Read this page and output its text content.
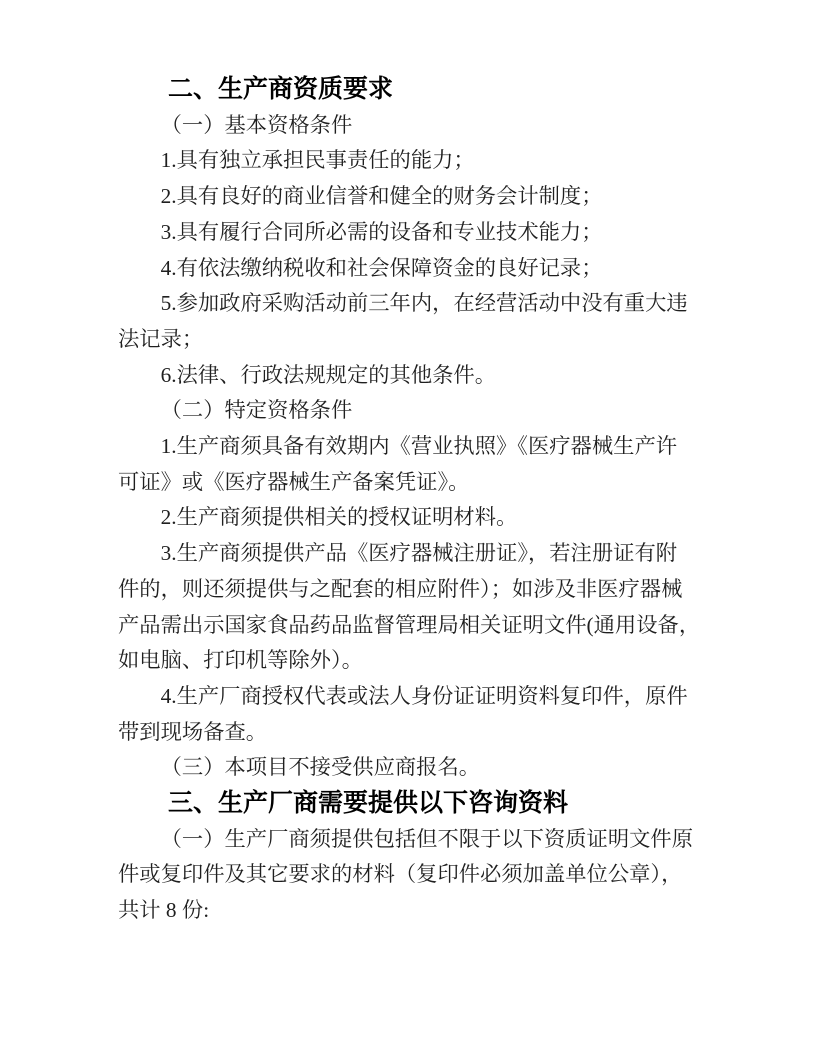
二、生产商资质要求

（一）基本资格条件

1.具有独立承担民事责任的能力；

2.具有良好的商业信誉和健全的财务会计制度；

3.具有履行合同所必需的设备和专业技术能力；

4.有依法缴纳税收和社会保障资金的良好记录；

5.参加政府采购活动前三年内，在经营活动中没有重大违
法记录；

6.法律、行政法规规定的其他条件。

（二）特定资格条件

1.生产商须具备有效期内《营业执照》《医疗器械生产许
可证》或《医疗器械生产备案凭证》。

2.生产商须提供相关的授权证明材料。

3.生产商须提供产品《医疗器械注册证》，若注册证有附
件的，则还须提供与之配套的相应附件）；如涉及非医疗器械
产品需出示国家食品药品监督管理局相关证明文件(通用设备，
如电脑、打印机等除外）。

4.生产厂商授权代表或法人身份证证明资料复印件，原件
带到现场备查。

（三）本项目不接受供应商报名。

三、生产厂商需要提供以下咨询资料

（一）生产厂商须提供包括但不限于以下资质证明文件原
件或复印件及其它要求的材料（复印件必须加盖单位公章），
共计 8 份:
